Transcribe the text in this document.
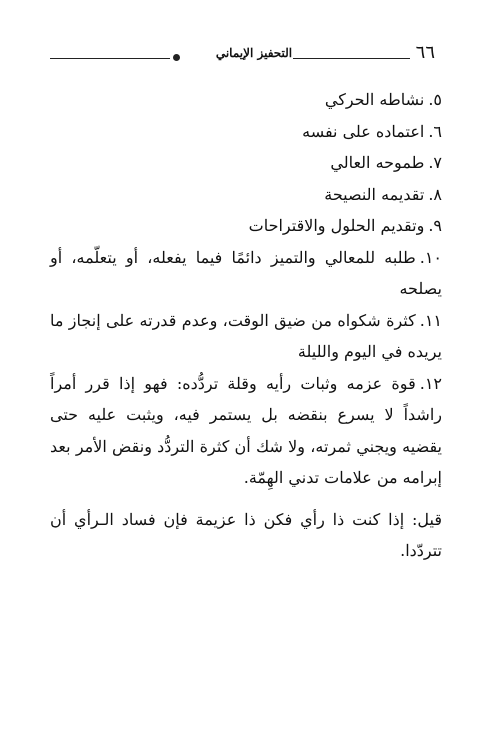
التحفيز الإيماني	٦٦

٥.نشاطه الحركي

٦.اعتماده على نفسه

٧.طموحه العالي

٨.تقديمه النصيحة

٩.وتقديم الحلول والاقتراحات

١٠.طلبه للمعالي والتميز دائمًا فيما يفعله، أو يتعلّمه، أو يصلحه

١١.كثرة شكواه من ضيق الوقت، وعدم قدرته على إنجاز ما يريده في اليوم والليلة

١٢.قوة عزمه وثبات رأيه وقلة تردُّده: فهو إذا قرر أمراً راشداً لا يسرع بنقضه بل يستمر فيه، ويثبت عليه حتى يقضيه ويجني ثمرته، ولا شك أن كثرة التردُّد ونقض الأمر بعد إبرامه من علامات تدني الهِمّة.

قيل: إذا كنت ذا رأي فكن ذا عزيمة فإن فساد الـرأي أن تتردّدا.
